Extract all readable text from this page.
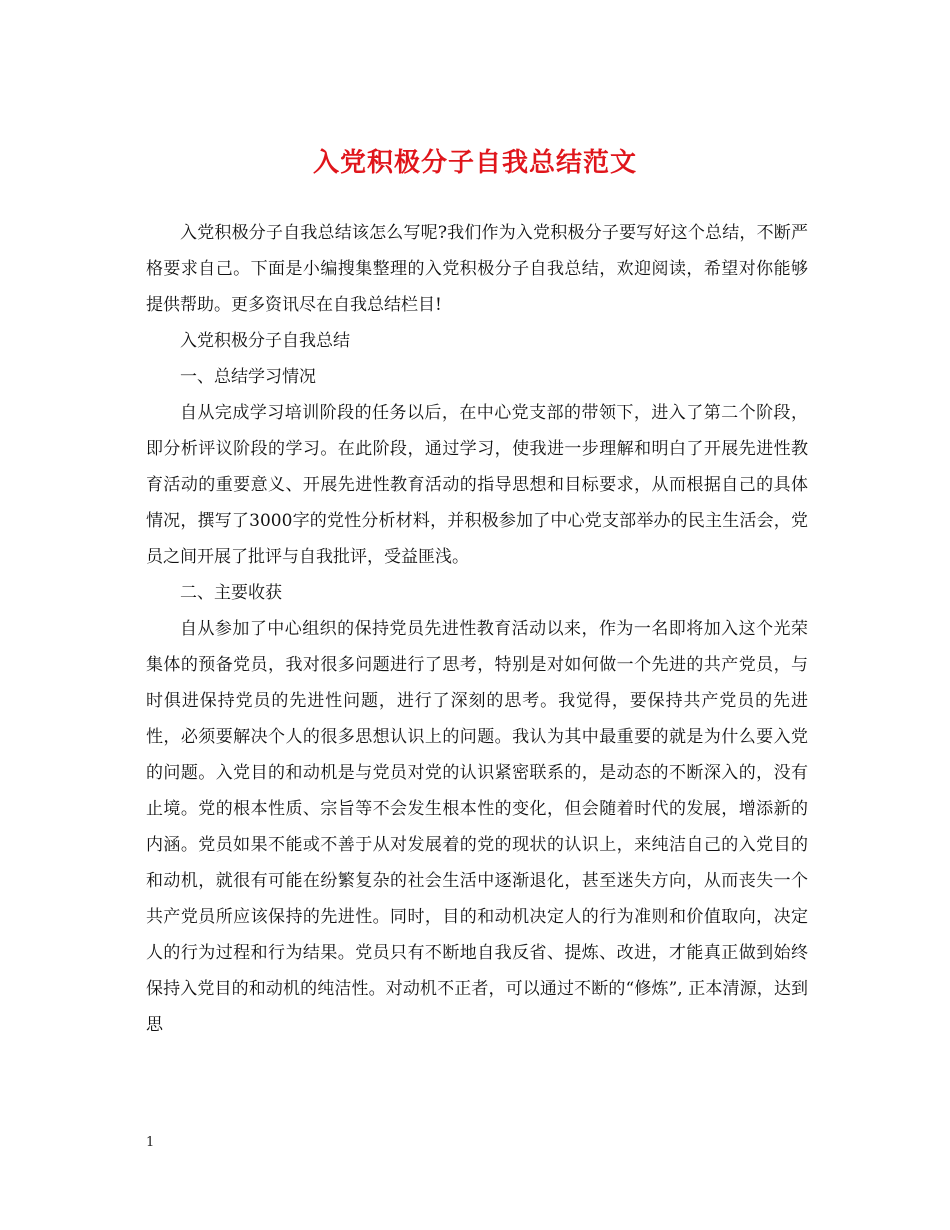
入党积极分子自我总结范文

入党积极分子自我总结该怎么写呢?我们作为入党积极分子要写好这个总结，不断严格要求自己。下面是小编搜集整理的入党积极分子自我总结，欢迎阅读，希望对你能够提供帮助。更多资讯尽在自我总结栏目!

入党积极分子自我总结

一、总结学习情况

自从完成学习培训阶段的任务以后，在中心党支部的带领下，进入了第二个阶段，即分析评议阶段的学习。在此阶段，通过学习，使我进一步理解和明白了开展先进性教育活动的重要意义、开展先进性教育活动的指导思想和目标要求，从而根据自己的具体情况，撰写了3000字的党性分析材料，并积极参加了中心党支部举办的民主生活会，党员之间开展了批评与自我批评，受益匪浅。

二、主要收获

自从参加了中心组织的保持党员先进性教育活动以来，作为一名即将加入这个光荣集体的预备党员，我对很多问题进行了思考，特别是对如何做一个先进的共产党员，与时俱进保持党员的先进性问题，进行了深刻的思考。我觉得，要保持共产党员的先进性，必须要解决个人的很多思想认识上的问题。我认为其中最重要的就是为什么要入党的问题。入党目的和动机是与党员对党的认识紧密联系的，是动态的不断深入的，没有止境。党的根本性质、宗旨等不会发生根本性的变化，但会随着时代的发展，增添新的内涵。党员如果不能或不善于从对发展着的党的现状的认识上，来纯洁自己的入党目的和动机，就很有可能在纷繁复杂的社会生活中逐渐退化，甚至迷失方向，从而丧失一个共产党员所应该保持的先进性。同时，目的和动机决定人的行为准则和价值取向，决定人的行为过程和行为结果。党员只有不断地自我反省、提炼、改进，才能真正做到始终保持入党目的和动机的纯洁性。对动机不正者，可以通过不断的“修炼”, 正本清源，达到思

1
